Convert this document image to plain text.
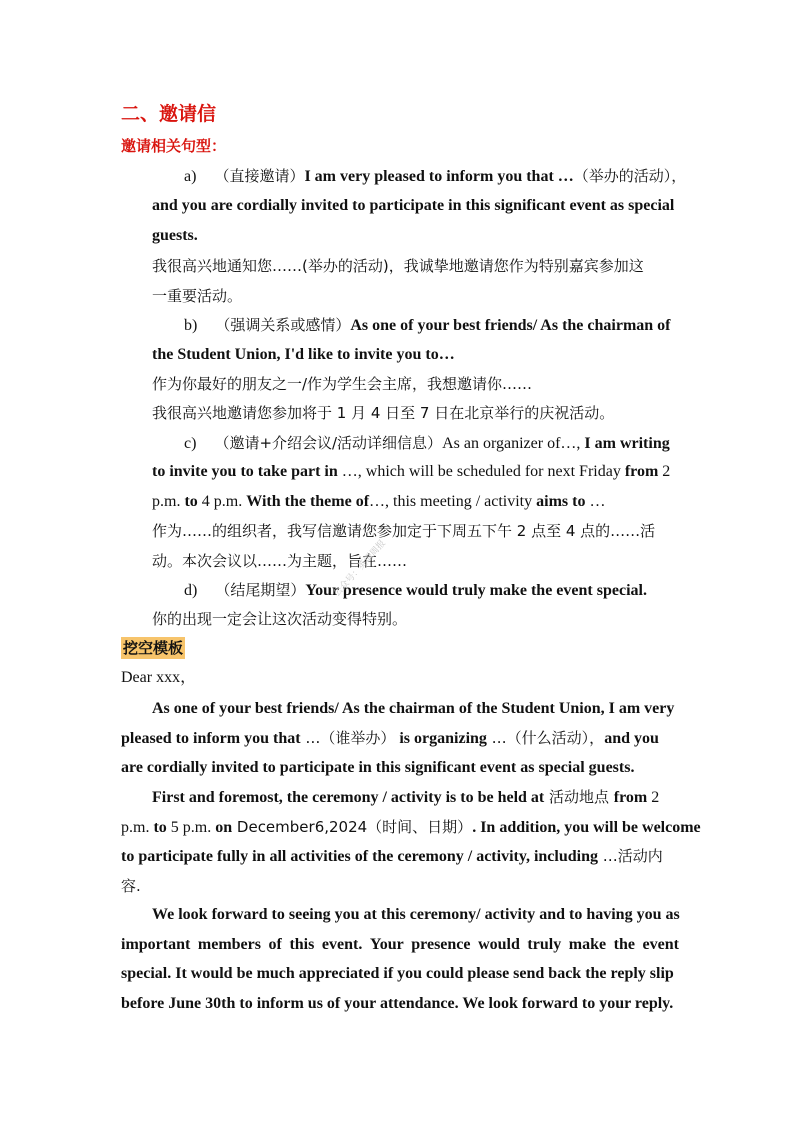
二、邀请信
邀请相关句型：
a) （直接邀请）I am very pleased to inform you that …（举办的活动），
and you are cordially invited to participate in this significant event as special
guests.
我很高兴地通知您……(举办的活动)，我诚挚地邀请您作为特别嘉宾参加这
一重要活动。
b) （强调关系或感情）As one of your best friends/ As the chairman of
the Student Union, I'd like to invite you to…
作为你最好的朋友之一/作为学生会主席，我想邀请你……
我很高兴地邀请您参加将于 1 月 4 日至 7 日在北京举行的庆祝活动。
c) （邀请+介绍会议/活动详细信息）As an organizer of…, I am writing
to invite you to take part in …, which will be scheduled for next Friday from 2
p.m. to 4 p.m. With the theme of…, this meeting / activity aims to …
作为……的组织者，我写信邀请您参加定于下周五下午 2 点至 4 点的……活
动。本次会议以……为主题，旨在……
d) （结尾期望）Your presence would truly make the event special.
你的出现一定会让这次活动变得特别。
挖空模板
Dear xxx，
As one of your best friends/ As the chairman of the Student Union, I am very
pleased to inform you that …（谁举办） is organizing …（什么活动），and you
are cordially invited to participate in this significant event as special guests.
First and foremost, the ceremony / activity is to be held at 活动地点 from 2
p.m. to 5 p.m. on December6,2024（时间、日期）. In addition, you will be welcome
to participate fully in all activities of the ceremony / activity, including …活动内
容.
We look forward to seeing you at this ceremony/ activity and to having you as
important members of this event. Your presence would truly make the event
special. It would be much appreciated if you could please send back the reply slip
before June 30th to inform us of your attendance. We look forward to your reply.
公众号：英语周报
